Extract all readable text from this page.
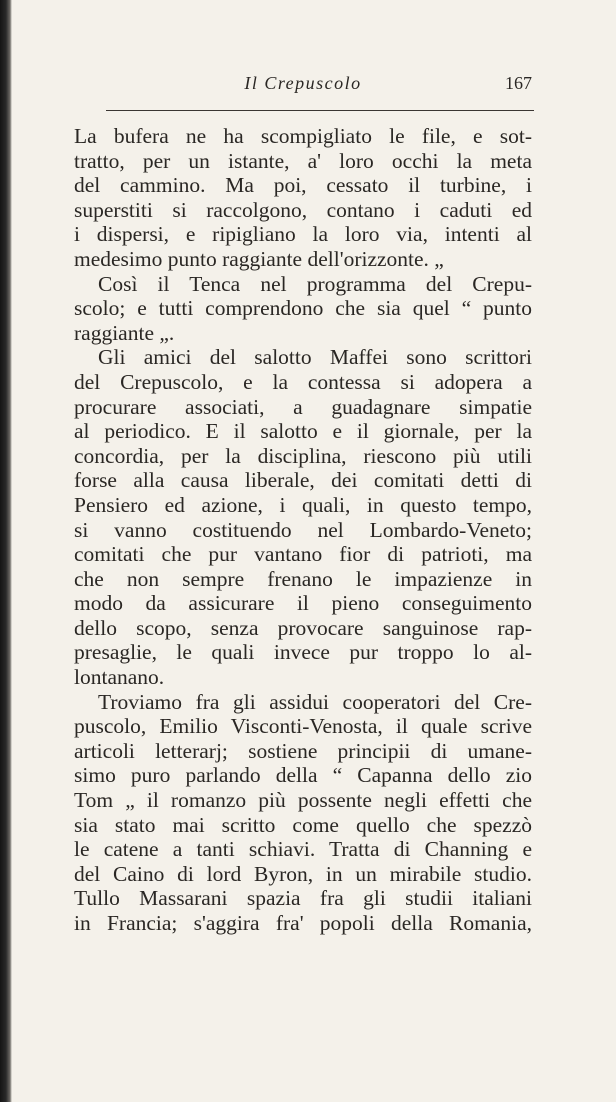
Il Crepuscolo	167
La bufera ne ha scompigliato le file, e sot-
tratto, per un istante, a' loro occhi la meta
del cammino. Ma poi, cessato il turbine, i
superstiti si raccolgono, contano i caduti ed
i dispersi, e ripigliano la loro via, intenti al
medesimo punto raggiante dell'orizzonte. „
Così il Tenca nel programma del Crepu-
scolo; e tutti comprendono che sia quel “ punto
raggiante „.
Gli amici del salotto Maffei sono scrittori
del Crepuscolo, e la contessa si adopera a
procurare associati, a guadagnare simpatie
al periodico. E il salotto e il giornale, per la
concordia, per la disciplina, riescono più utili
forse alla causa liberale, dei comitati detti di
Pensiero ed azione, i quali, in questo tempo,
si vanno costituendo nel Lombardo-Veneto;
comitati che pur vantano fior di patrioti, ma
che non sempre frenano le impazienze in
modo da assicurare il pieno conseguimento
dello scopo, senza provocare sanguinose rap-
presaglie, le quali invece pur troppo lo al-
lontanano.
Troviamo fra gli assidui cooperatori del Cre-
puscolo, Emilio Visconti-Venosta, il quale scrive
articoli letterarj; sostiene principii di umane-
simo puro parlando della “ Capanna dello zio
Tom „ il romanzo più possente negli effetti che
sia stato mai scritto come quello che spezzò
le catene a tanti schiavi. Tratta di Channing e
del Caino di lord Byron, in un mirabile studio.
Tullo Massarani spazia fra gli studii italiani
in Francia; s'aggira fra' popoli della Romania,
